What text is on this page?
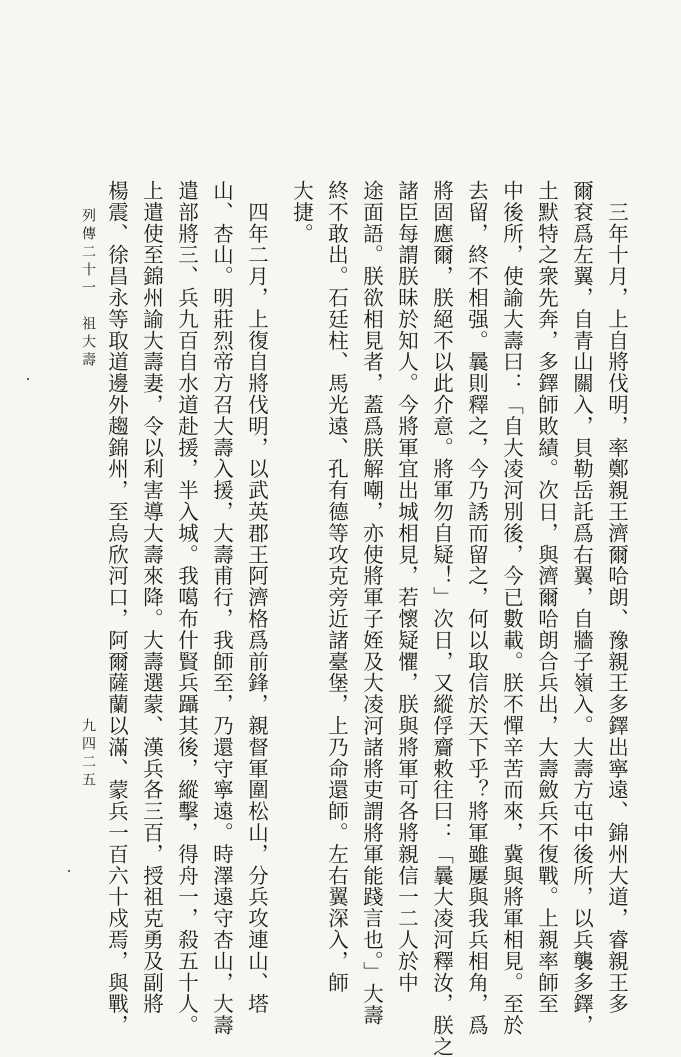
　三年十月，上自將伐明，率鄭親王濟爾哈朗、豫親王多鐸出寧遠、錦州大道，睿親王多
爾袞爲左翼，自青山關入，貝勒岳託爲右翼，自牆子嶺入。大壽方屯中後所，以兵襲多鐸，
土默特之衆先奔，多鐸師敗績。次日，與濟爾哈朗合兵出，大壽斂兵不復戰。上親率師至
中後所，使諭大壽曰：「自大凌河別後，今已數載。朕不憚辛苦而來，冀與將軍相見。至於
去留，終不相强。曩則釋之，今乃誘而留之，何以取信於天下乎？將軍雖屢與我兵相角，爲
將固應爾，朕絕不以此介意。將軍勿自疑！」次日，又縱俘齎敕往曰：「曩大凌河釋汝，朕之
諸臣每謂朕昧於知人。今將軍宜出城相見，若懷疑懼，朕與將軍可各將親信一二人於中
途面語。朕欲相見者，蓋爲朕解嘲，亦使將軍子姪及大凌河諸將吏謂將軍能踐言也。」大壽
終不敢出。石廷柱、馬光遠、孔有德等攻克旁近諸臺堡，上乃命還師。左右翼深入，師
大捷。
　四年二月，上復自將伐明，以武英郡王阿濟格爲前鋒，親督軍圍松山，分兵攻連山、塔
山、杏山。明莊烈帝方召大壽入援，大壽甫行，我師至，乃還守寧遠。時澤遠守杏山，大壽
遣部將三、兵九百自水道赴援，半入城。我噶布什賢兵躡其後，縱擊，得舟一，殺五十人。
上遣使至錦州諭大壽妻，令以利害導大壽來降。大壽選蒙、漢兵各三百，授祖克勇及副將
楊震、徐昌永等取道邊外趨錦州，至烏欣河口，阿爾薩蘭以滿、蒙兵一百六十戍焉，與戰，
列傳二十一　祖大壽
九四二五
